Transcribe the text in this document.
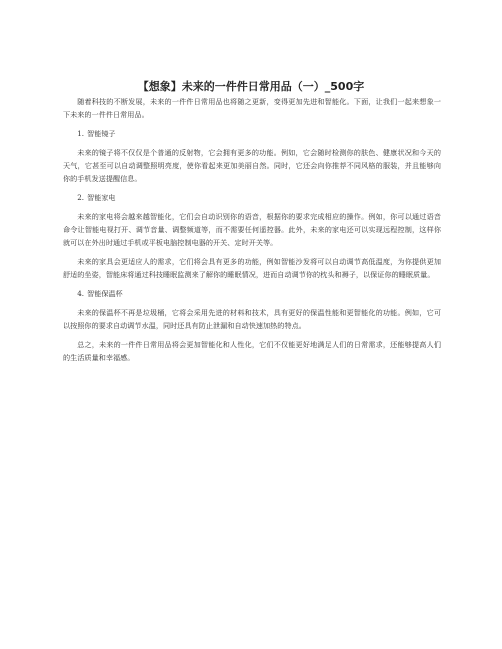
【想象】未来的一件件日常用品（一）_500字

随着科技的不断发展，未来的一件件日常用品也将随之更新，变得更加先进和智能化。下面，让我们一起来想象一下未来的一件件日常用品。

1. 智能镜子

未来的镜子将不仅仅是个普通的反射物，它会拥有更多的功能。例如，它会随时检测你的肤色、健康状况和今天的天气，它甚至可以自动调整照明亮度，使你看起来更加美丽自然。同时，它还会向你推荐不同风格的服装，并且能够向你的手机发送提醒信息。

2. 智能家电

未来的家电将会越来越智能化，它们会自动识别你的语音，根据你的要求完成相应的操作。例如，你可以通过语音命令让智能电视打开、调节音量、调整频道等，而不需要任何遥控器。此外，未来的家电还可以实现远程控制，这样你就可以在外出时通过手机或平板电脑控制电器的开关、定时开关等。

未来的家具会更适应人的需求，它们将会具有更多的功能，例如智能沙发将可以自动调节高低温度，为你提供更加舒适的坐姿，智能床将通过科技睡眠监测来了解你的睡眠情况，进而自动调节你的枕头和褥子，以保证你的睡眠质量。

4. 智能保温杯

未来的保温杯不再是垃圾桶，它将会采用先进的材料和技术，具有更好的保温性能和更智能化的功能。例如，它可以按照你的要求自动调节水温，同时还具有防止泄漏和自动快速加热的特点。

总之，未来的一件件日常用品将会更加智能化和人性化，它们不仅能更好地满足人们的日常需求，还能够提高人们的生活质量和幸福感。
